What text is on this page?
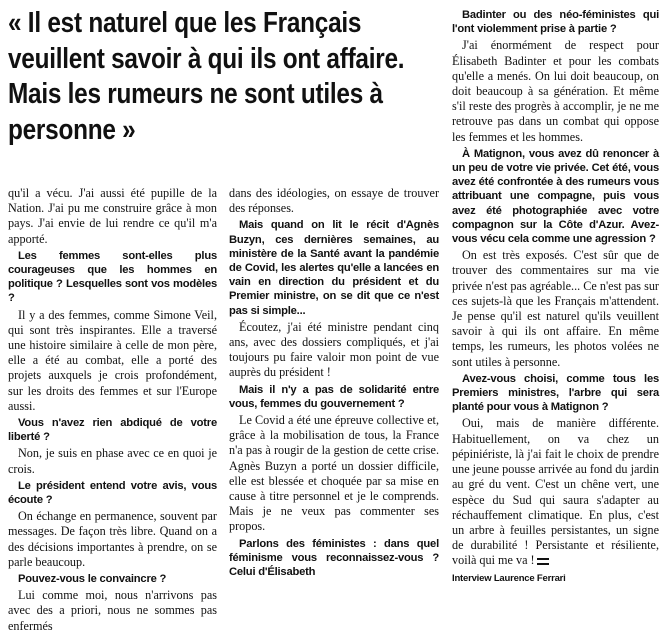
« Il est naturel que les Français
veuillent savoir à qui ils ont affaire.
Mais les rumeurs ne sont utiles à
personne »

qu'il a vécu. J'ai aussi été pupille de la Nation. J'ai pu me construire grâce à mon pays. J'ai envie de lui rendre ce qu'il m'a apporté.

Les femmes sont-elles plus courageuses que les hommes en politique ? Lesquelles sont vos modèles ?

Il y a des femmes, comme Simone Veil, qui sont très inspirantes. Elle a traversé une histoire similaire à celle de mon père, elle a été au combat, elle a porté des projets auxquels je crois profondément, sur les droits des femmes et sur l'Europe aussi.

Vous n'avez rien abdiqué de votre liberté ?

Non, je suis en phase avec ce en quoi je crois.

Le président entend votre avis, vous écoute ?

On échange en permanence, souvent par messages. De façon très libre. Quand on a des décisions importantes à prendre, on se parle beaucoup.

Pouvez-vous le convaincre ?

Lui comme moi, nous n'arrivons pas avec des a priori, nous ne sommes pas enfermés

dans des idéologies, on essaye de trouver des réponses.

Mais quand on lit le récit d'Agnès Buzyn, ces dernières semaines, au ministère de la Santé avant la pandémie de Covid, les alertes qu'elle a lancées en vain en direction du président et du Premier ministre, on se dit que ce n'est pas si simple...

Écoutez, j'ai été ministre pendant cinq ans, avec des dossiers compliqués, et j'ai toujours pu faire valoir mon point de vue auprès du président !

Mais il n'y a pas de solidarité entre vous, femmes du gouvernement ?

Le Covid a été une épreuve collective et, grâce à la mobilisation de tous, la France n'a pas à rougir de la gestion de cette crise. Agnès Buzyn a porté un dossier difficile, elle est blessée et choquée par sa mise en cause à titre personnel et je le comprends. Mais je ne veux pas commenter ses propos.

Parlons des féministes : dans quel féminisme vous reconnaissez-vous ? Celui d'Élisabeth

Badinter ou des néo-féministes qui l'ont violemment prise à partie ?

J'ai énormément de respect pour Élisabeth Badinter et pour les combats qu'elle a menés. On lui doit beaucoup, on doit beaucoup à sa génération. Et même s'il reste des progrès à accomplir, je ne me retrouve pas dans un combat qui oppose les femmes et les hommes.

À Matignon, vous avez dû renoncer à un peu de votre vie privée. Cet été, vous avez été confrontée à des rumeurs vous attribuant une compagne, puis vous avez été photographiée avec votre compagnon sur la Côte d'Azur. Avez-vous vécu cela comme une agression ?

On est très exposés. C'est sûr que de trouver des commentaires sur ma vie privée n'est pas agréable... Ce n'est pas sur ces sujets-là que les Français m'attendent. Je pense qu'il est naturel qu'ils veuillent savoir à qui ils ont affaire. En même temps, les rumeurs, les photos volées ne sont utiles à personne.

Avez-vous choisi, comme tous les Premiers ministres, l'arbre qui sera planté pour vous à Matignon ?

Oui, mais de manière différente. Habituellement, on va chez un pépiniériste, là j'ai fait le choix de prendre une jeune pousse arrivée au fond du jardin au gré du vent. C'est un chêne vert, une espèce du Sud qui saura s'adapter au réchauffement climatique. En plus, c'est un arbre à feuilles persistantes, un signe de durabilité ! Persistante et résiliente, voilà qui me va !

Interview Laurence Ferrari
